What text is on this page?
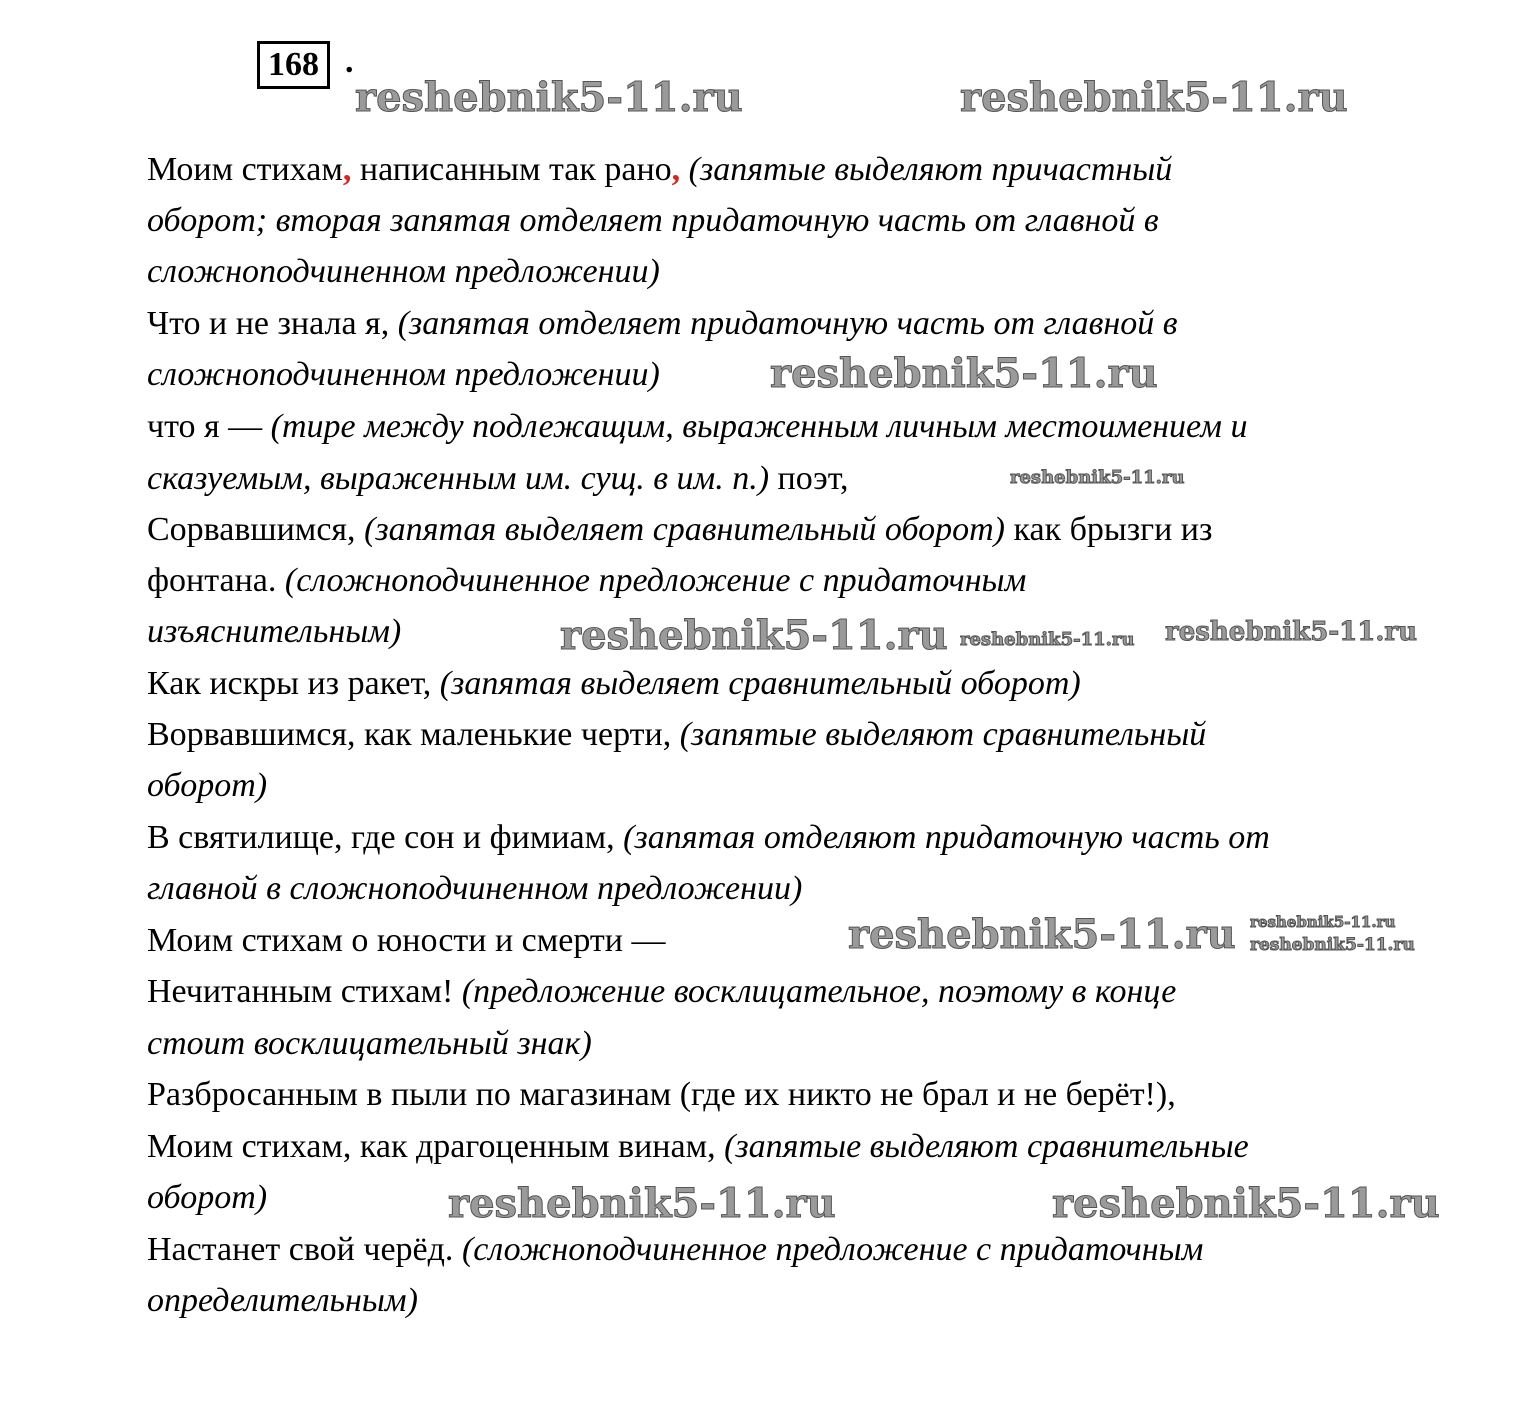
168 .
Моим стихам, написанным так рано, (запятые выделяют причастный
оборот; вторая запятая отделяет придаточную часть от главной в
сложноподчиненном предложении)
Что и не знала я, (запятая отделяет придаточную часть от главной в
сложноподчиненном предложении)
что я — (тире между подлежащим, выраженным личным местоимением и
сказуемым, выраженным им. сущ. в им. п.) поэт,
Сорвавшимся, (запятая выделяет сравнительный оборот) как брызги из
фонтана. (сложноподчиненное предложение с придаточным
изъяснительным)
Как искры из ракет, (запятая выделяет сравнительный оборот)
Ворвавшимся, как маленькие черти, (запятые выделяют сравнительный
оборот)
В святилище, где сон и фимиам, (запятая отделяют придаточную часть от
главной в сложноподчиненном предложении)
Моим стихам о юности и смерти —
Нечитанным стихам! (предложение восклицательное, поэтому в конце
стоит восклицательный знак)
Разбросанным в пыли по магазинам (где их никто не брал и не берёт!),
Моим стихам, как драгоценным винам, (запятые выделяют сравнительные
оборот)
Настанет свой черёд. (сложноподчиненное предложение с придаточным
определительным)
reshebnik5-11.ru	reshebnik5-11.ru
reshebnik5-11.ru
reshebnik5-11.ru
reshebnik5-11.ru
reshebnik5-11.ru	reshebnik5-11.ru
reshebnik5-11.ru
reshebnik5-11.ru reshebnik5-11.ru
reshebnik5-11.ru
reshebnik5-11.ru
